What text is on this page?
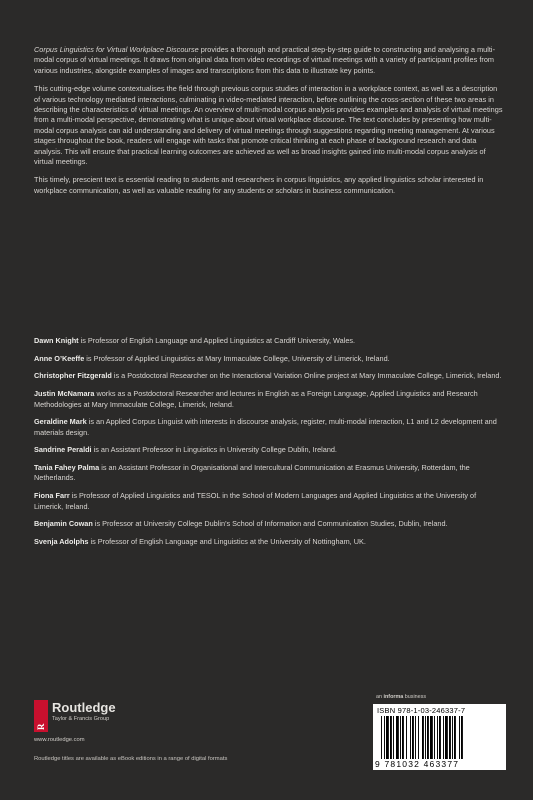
Corpus Linguistics for Virtual Workplace Discourse provides a thorough and practical step-by-step guide to constructing and analysing a multi-modal corpus of virtual meetings. It draws from original data from video recordings of virtual meetings with a variety of participant profiles from various industries, alongside examples of images and transcriptions from this data to illustrate key points.

This cutting-edge volume contextualises the field through previous corpus studies of interaction in a workplace context, as well as a description of various technology mediated interactions, culminating in video-mediated interaction, before outlining the cross-section of these two areas in describing the characteristics of virtual meetings. An overview of multi-modal corpus analysis provides examples and analysis of virtual meetings from a multi-modal perspective, demonstrating what is unique about virtual workplace discourse. The text concludes by presenting how multi-modal corpus analysis can aid understanding and delivery of virtual meetings through suggestions regarding meeting management. At various stages throughout the book, readers will engage with tasks that promote critical thinking at each phase of background research and data analysis. This will ensure that practical learning outcomes are achieved as well as broad insights gained into multi-modal corpus analysis of virtual meetings.

This timely, prescient text is essential reading to students and researchers in corpus linguistics, any applied linguistics scholar interested in workplace communication, as well as valuable reading for any students or scholars in business communication.

Dawn Knight is Professor of English Language and Applied Linguistics at Cardiff University, Wales.
Anne O’Keeffe is Professor of Applied Linguistics at Mary Immaculate College, University of Limerick, Ireland.
Christopher Fitzgerald is a Postdoctoral Researcher on the Interactional Variation Online project at Mary Immaculate College, Limerick, Ireland.
Justin McNamara works as a Postdoctoral Researcher and lectures in English as a Foreign Language, Applied Linguistics and Research Methodologies at Mary Immaculate College, Limerick, Ireland.
Geraldine Mark is an Applied Corpus Linguist with interests in discourse analysis, register, multi-modal interaction, L1 and L2 development and materials design.
Sandrine Peraldi is an Assistant Professor in Linguistics in University College Dublin, Ireland.
Tania Fahey Palma is an Assistant Professor in Organisational and Intercultural Communication at Erasmus University, Rotterdam, the Netherlands.
Fiona Farr is Professor of Applied Linguistics and TESOL in the School of Modern Languages and Applied Linguistics at the University of Limerick, Ireland.
Benjamin Cowan is Professor at University College Dublin’s School of Information and Communication Studies, Dublin, Ireland.
Svenja Adolphs is Professor of English Language and Linguistics at the University of Nottingham, UK.
R
Routledge
Taylor & Francis Group
www.routledge.com
Routledge titles are available as eBook editions in a range of digital formats
an informa business
ISBN 978-1-03-246337-7
9 781032 463377
